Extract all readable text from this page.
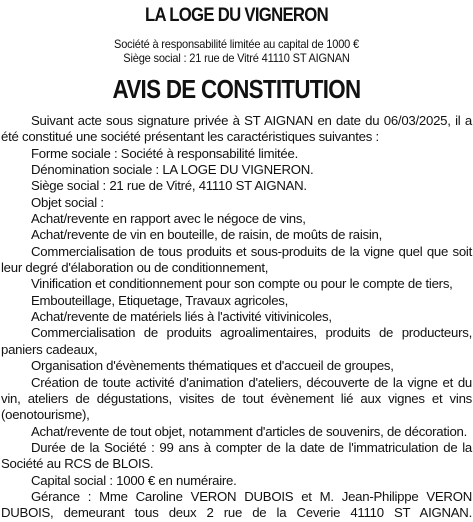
LA LOGE DU VIGNERON
Société à responsabilité limitée au capital de 1000 €
Siège social : 21 rue de Vitré 41110 ST AIGNAN
AVIS DE CONSTITUTION

Suivant acte sous signature privée à ST AIGNAN en date du 06/03/2025, il a été constitué une société présentant les caractéristiques suivantes :

Forme sociale : Société à responsabilité limitée.

Dénomination sociale : LA LOGE DU VIGNERON.

Siège social : 21 rue de Vitré, 41110 ST AIGNAN.

Objet social :

Achat/revente en rapport avec le négoce de vins,

Achat/revente de vin en bouteille, de raisin, de moûts de raisin,

Commercialisation de tous produits et sous-produits de la vigne quel que soit leur degré d'élaboration ou de conditionnement,

Vinification et conditionnement pour son compte ou pour le compte de tiers,

Embouteillage, Etiquetage, Travaux agricoles,

Achat/revente de matériels liés à l'activité vitivinicoles,

Commercialisation de produits agroalimentaires, produits de producteurs, paniers cadeaux,

Organisation d'évènements thématiques et d'accueil de groupes,

Création de toute activité d'animation d'ateliers, découverte de la vigne et du vin, ateliers de dégustations, visites de tout évènement lié aux vignes et vins (oenotourisme),

Achat/revente de tout objet, notamment d'articles de souvenirs, de décoration.

Durée de la Société : 99 ans à compter de la date de l'immatriculation de la Société au RCS de BLOIS.

Capital social : 1000 € en numéraire.

Gérance : Mme Caroline VERON DUBOIS et M. Jean-Philippe VERON DUBOIS, demeurant tous deux 2 rue de la Ceverie 41110 ST AIGNAN.
